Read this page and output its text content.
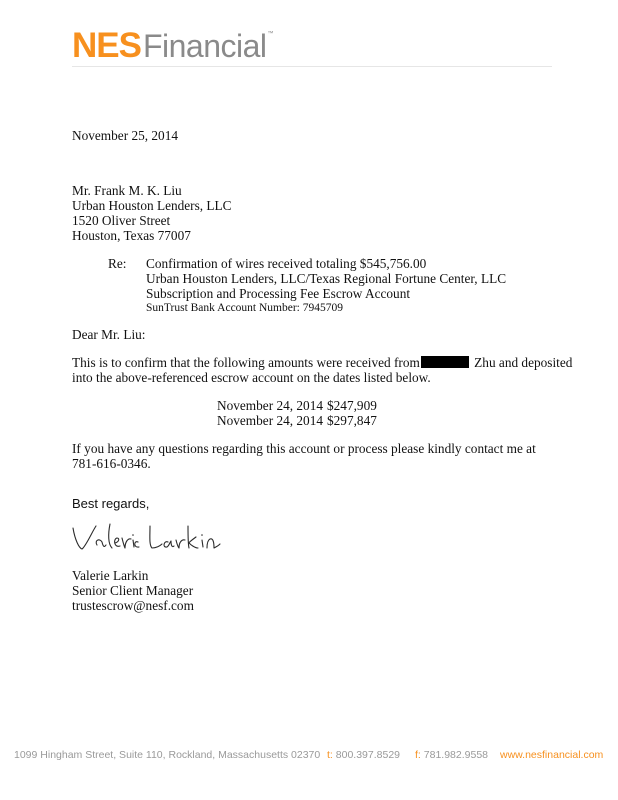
NES Financial ™
November 25, 2014
Mr. Frank M. K. Liu
Urban Houston Lenders, LLC
1520 Oliver Street
Houston, Texas 77007
Re: Confirmation of wires received totaling $545,756.00
Urban Houston Lenders, LLC/Texas Regional Fortune Center, LLC
Subscription and Processing Fee Escrow Account
SunTrust Bank Account Number: 7945709
Dear Mr. Liu:
This is to confirm that the following amounts were received from	Zhu and deposited
into the above-referenced escrow account on the dates listed below.
November 24, 2014 $247,909
November 24, 2014 $297,847
If you have any questions regarding this account or process please kindly contact me at
781-616-0346.
Best regards,
Valerie Larkin
Senior Client Manager
trustescrow@nesf.com
1099 Hingham Street, Suite 110, Rockland, Massachusetts 02370 t: 800.397.8529 f: 781.982.9558 www.nesfinancial.com
